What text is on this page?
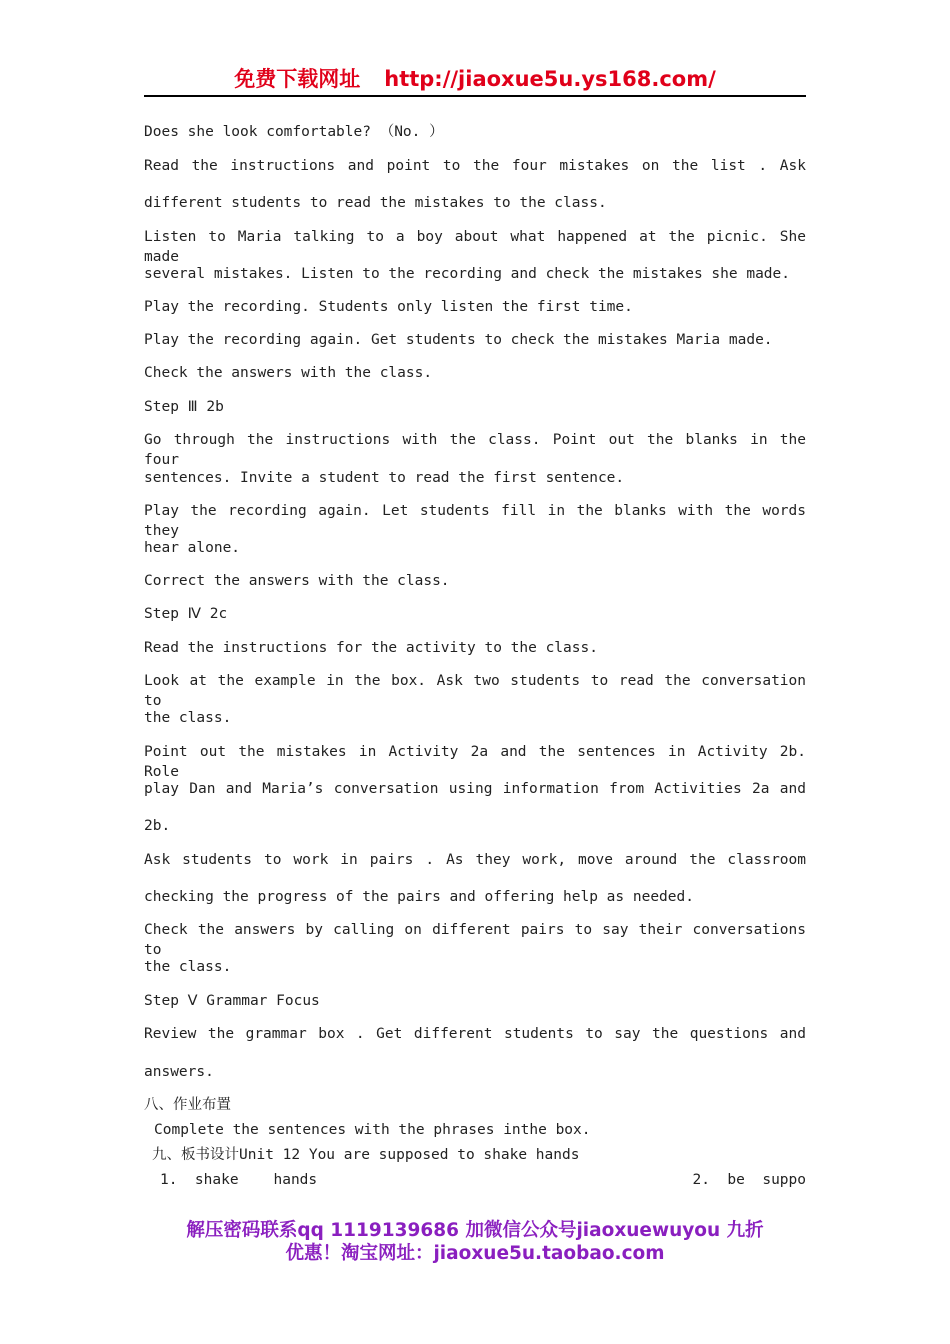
免费下载网址 http://jiaoxue5u.ys168.com/
Does she look comfortable? （No. ）
Read the instructions and point to the four mistakes on the list . Ask
different students to read the mistakes to the class.
Listen to Maria talking to a boy about what happened at the picnic. She made
several mistakes. Listen to the recording and check the mistakes she made.
Play the recording. Students only listen the first time.
Play the recording again. Get students to check the mistakes Maria made.
Check the answers with the class.
Step Ⅲ 2b
Go through the instructions with the class. Point out the blanks in the four
sentences. Invite a student to read the first sentence.
Play the recording again. Let students fill in the blanks with the words they
hear alone.
Correct the answers with the class.
Step Ⅳ 2c
Read the instructions for the activity to the class.
Look at the example in the box. Ask two students to read the conversation to
the class.
Point out the mistakes in Activity 2a and the sentences in Activity 2b. Role
play Dan and Maria’s conversation using information from Activities 2a and
2b.
Ask students to work in pairs . As they work, move around the classroom
checking the progress of the pairs and offering help as needed.
Check the answers by calling on different pairs to say their conversations to
the class.
Step Ⅴ Grammar Focus
Review the grammar box . Get different students to say the questions and
answers.
八、作业布置
Complete the sentences with the phrases inthe box.
九、板书设计Unit 12 You are supposed to shake hands
1.  shake    hands	2.  be  suppo
解压密码联系qq 1119139686 加微信公众号jiaoxuewuyou 九折
优惠！淘宝网址：jiaoxue5u.taobao.com
